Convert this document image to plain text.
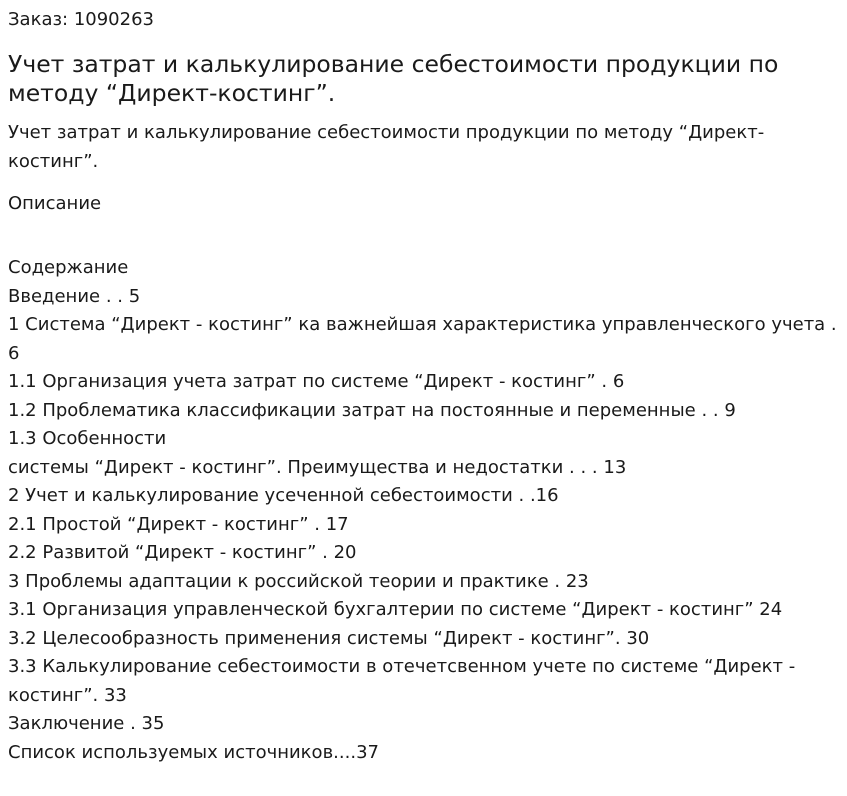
Заказ: 1090263

Учет затрат и калькулирование себестоимости продукции по методу “Директ-костинг”.

Учет затрат и калькулирование себестоимости продукции по методу “Директ-костинг”.

Описание

Содержание
Введение . . 5
1 Система “Директ - костинг” ка важнейшая характеристика управленческого учета . 6
1.1 Организация учета затрат по системе “Директ - костинг” . 6
1.2 Проблематика классификации затрат на постоянные и переменные . . 9
1.3 Особенности
системы “Директ - костинг”. Преимущества и недостатки . . . 13
2 Учет и калькулирование усеченной себестоимости . .16
2.1 Простой “Директ - костинг” . 17
2.2 Развитой “Директ - костинг” . 20
3 Проблемы адаптации к российской теории и практике . 23
3.1 Организация управленческой бухгалтерии по системе “Директ - костинг” 24
3.2 Целесообразность применения системы “Директ - костинг”. 30
3.3 Калькулирование себестоимости в отечетсвенном учете по системе “Директ - костинг”. 33
Заключение . 35
Список используемых источников....37
